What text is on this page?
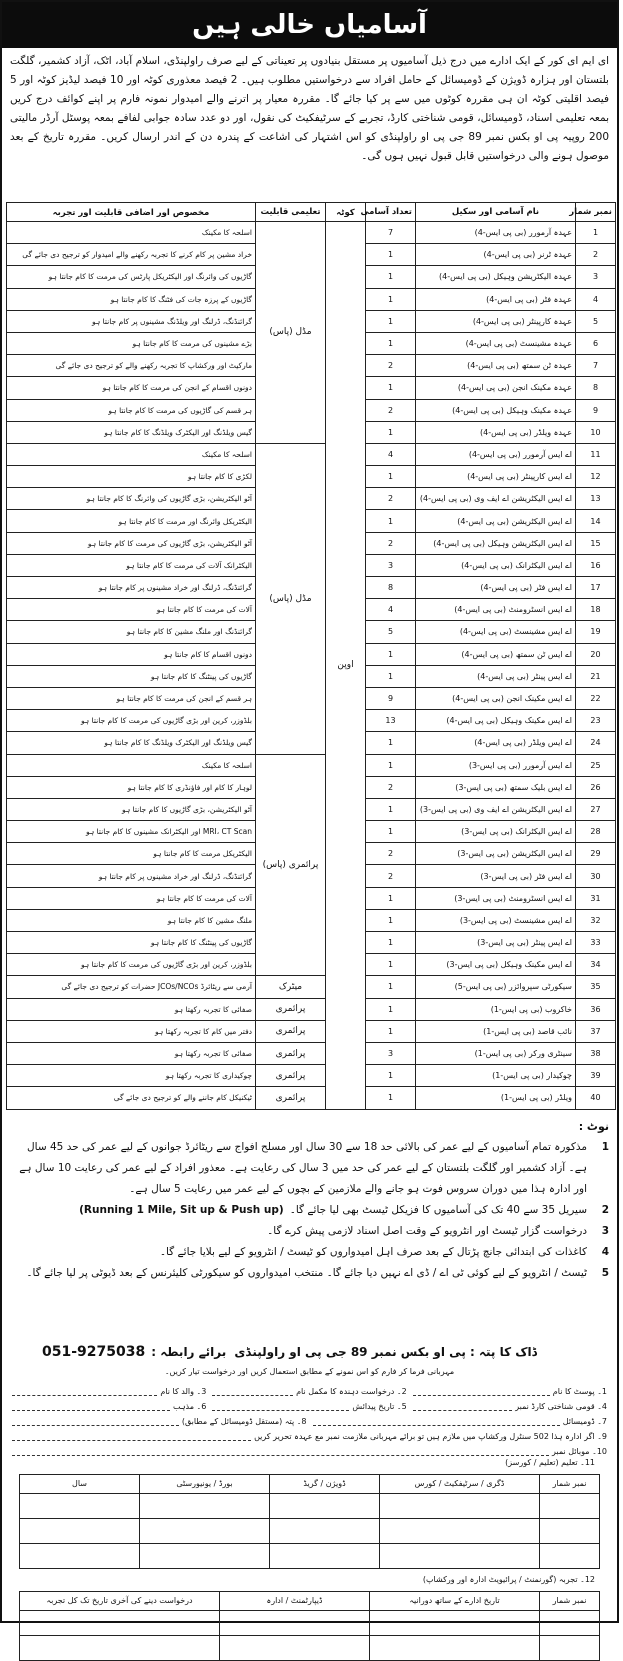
آسامیاں خالی ہیں
ای ایم ای کور کے ایک ادارے میں درج ذیل آسامیوں پر مستقل بنیادوں پر تعیناتی کے لیے صرف راولپنڈی، اسلام آباد، اٹک، آزاد کشمیر، گلگت بلتستان اور ہزارہ ڈویژن کے ڈومیسائل کے حامل افراد سے درخواستیں مطلوب ہیں۔ 2 فیصد معذوری کوٹہ اور 10 فیصد لیڈیز کوٹہ اور 5 فیصد اقلیتی کوٹہ ان ہی مقررہ کوٹوں میں سے پر کیا جائے گا۔ مقررہ معیار پر اترنے والے امیدوار نمونہ فارم پر اپنے کوائف درج کریں بمعہ تعلیمی اسناد، ڈومیسائل، قومی شناختی کارڈ، تجربے کے سرٹیفکیٹ کی نقول، اور دو عدد سادہ جوابی لفافے بمعہ پوسٹل آرڈر مالیتی 200 روپیہ پی او بکس نمبر 89 جی پی او راولپنڈی کو اس اشتہار کی اشاعت کے پندرہ دن کے اندر ارسال کریں۔ مقررہ تاریخ کے بعد موصول ہونے والی درخواستیں قابل قبول نہیں ہوں گی۔
نمبر شمار	نام آسامی اور سکیل	تعداد آسامی	کوٹہ	تعلیمی قابلیت	مخصوص اور اضافی قابلیت اور تجربہ
1	عہدہ آرمورر (بی پی ایس-4)	7	اوپن	مڈل (پاس)	اسلحہ کا مکینک
2	عہدہ ٹرنر (بی پی ایس-4)	1			خراد مشین پر کام کرنے کا تجربہ رکھنے والے امیدوار کو ترجیح دی جائے گی
3	عہدہ الیکٹریشن وہیکل (بی پی ایس-4)	1			گاڑیوں کی وائرنگ اور الیکٹریکل پارٹس کی مرمت کا کام جانتا ہو
4	عہدہ فٹر (بی پی ایس-4)	1			گاڑیوں کے پرزہ جات کی فٹنگ کا کام جانتا ہو
5	عہدہ کارپینٹر (بی پی ایس-4)	1			گرائنڈنگ، ڈرلنگ اور ویلڈنگ مشینوں پر کام جانتا ہو
6	عہدہ مشینسٹ (بی پی ایس-4)	1			بڑے مشینوں کی مرمت کا کام جانتا ہو
7	عہدہ ٹن سمتھ (بی پی ایس-4)	2			مارکیٹ اور ورکشاپ کا تجربہ رکھنے والے کو ترجیح دی جائے گی
8	عہدہ مکینک انجن (بی پی ایس-4)	1			دونوں اقسام کے انجن کی مرمت کا کام جانتا ہو
9	عہدہ مکینک وہیکل (بی پی ایس-4)	2			ہر قسم کی گاڑیوں کی مرمت کا کام جانتا ہو
10	عہدہ ویلڈر (بی پی ایس-4)	1			گیس ویلڈنگ اور الیکٹرک ویلڈنگ کا کام جانتا ہو
11	اے ایس آرمورر (بی پی ایس-4)	4		مڈل (پاس)	اسلحہ کا مکینک
12	اے ایس کارپینٹر (بی پی ایس-4)	1			لکڑی کا کام جانتا ہو
13	اے ایس الیکٹریشن اے ایف وی (بی پی ایس-4)	2			آٹو الیکٹریشن، بڑی گاڑیوں کی وائرنگ کا کام جانتا ہو
14	اے ایس الیکٹریشن (بی پی ایس-4)	1			الیکٹریکل وائرنگ اور مرمت کا کام جانتا ہو
15	اے ایس الیکٹریشن وہیکل (بی پی ایس-4)	2			آٹو الیکٹریشن، بڑی گاڑیوں کی مرمت کا کام جانتا ہو
16	اے ایس الیکٹرانک (بی پی ایس-4)	3			الیکٹرانک آلات کی مرمت کا کام جانتا ہو
17	اے ایس فٹر (بی پی ایس-4)	8			گرائنڈنگ، ڈرلنگ اور خراد مشینوں پر کام جانتا ہو
18	اے ایس انسٹرومنٹ (بی پی ایس-4)	4			آلات کی مرمت کا کام جانتا ہو
19	اے ایس مشینسٹ (بی پی ایس-4)	5			گرائنڈنگ اور ملنگ مشین کا کام جانتا ہو
20	اے ایس ٹن سمتھ (بی پی ایس-4)	1			دونوں اقسام کا کام جانتا ہو
21	اے ایس پینٹر (بی پی ایس-4)	1			گاڑیوں کی پینٹنگ کا کام جانتا ہو
22	اے ایس مکینک انجن (بی پی ایس-4)	9			ہر قسم کے انجن کی مرمت کا کام جانتا ہو
23	اے ایس مکینک وہیکل (بی پی ایس-4)	13			بلڈوزر، کرین اور بڑی گاڑیوں کی مرمت کا کام جانتا ہو
24	اے ایس ویلڈر (بی پی ایس-4)	1			گیس ویلڈنگ اور الیکٹرک ویلڈنگ کا کام جانتا ہو
25	اے ایس آرمورر (بی پی ایس-3)	1		پرائمری (پاس)	اسلحہ کا مکینک
26	اے ایس بلیک سمتھ (بی پی ایس-3)	2			لوہار کا کام اور فاؤنڈری کا کام جانتا ہو
27	اے ایس الیکٹریشن اے ایف وی (بی پی ایس-3)	1			آٹو الیکٹریشن، بڑی گاڑیوں کا کام جانتا ہو
28	اے ایس الیکٹرانک (بی پی ایس-3)	1			MRI، CT Scan اور الیکٹرانک مشینوں کا کام جانتا ہو
29	اے ایس الیکٹریشن (بی پی ایس-3)	2			الیکٹریکل مرمت کا کام جانتا ہو
30	اے ایس فٹر (بی پی ایس-3)	2			گرائنڈنگ، ڈرلنگ اور خراد مشینوں پر کام جانتا ہو
31	اے ایس انسٹرومنٹ (بی پی ایس-3)	1			آلات کی مرمت کا کام جانتا ہو
32	اے ایس مشینسٹ (بی پی ایس-3)	1			ملنگ مشین کا کام جانتا ہو
33	اے ایس پینٹر (بی پی ایس-3)	1			گاڑیوں کی پینٹنگ کا کام جانتا ہو
34	اے ایس مکینک وہیکل (بی پی ایس-3)	1			بلڈوزر، کرین اور بڑی گاڑیوں کی مرمت کا کام جانتا ہو
35	سیکورٹی سپروائزر (بی پی ایس-5)	1		میٹرک	آرمی سے ریٹائرڈ JCOs/NCOs حضرات کو ترجیح دی جائے گی
36	خاکروب (بی پی ایس-1)	1		پرائمری	صفائی کا تجربہ رکھتا ہو
37	نائب قاصد (بی پی ایس-1)	1		پرائمری	دفتر میں کام کا تجربہ رکھتا ہو
38	سینٹری ورکر (بی پی ایس-1)	3		پرائمری	صفائی کا تجربہ رکھتا ہو
39	چوکیدار (بی پی ایس-1)	1		پرائمری	چوکیداری کا تجربہ رکھتا ہو
40	ویلڈر (بی پی ایس-1)	1		پرائمری	ٹیکنیکل کام جاننے والے کو ترجیح دی جائے گی
نوٹ :
1
مذکورہ تمام آسامیوں کے لیے عمر کی بالائی حد 18 سے 30 سال اور مسلح افواج سے ریٹائرڈ جوانوں کے لیے عمر کی حد 45 سال ہے۔ آزاد کشمیر اور گلگت بلتستان کے لیے عمر کی حد میں 3 سال کی رعایت ہے۔ معذور افراد کے لیے عمر کی رعایت 10 سال ہے اور ادارہ ہذا میں دوران سروس فوت ہو جانے والے ملازمین کے بچوں کے لیے عمر میں رعایت 5 سال ہے۔
2
سیریل 35 سے 40 تک کی آسامیوں کا فزیکل ٹیسٹ بھی لیا جائے گا۔
(Running 1 Mile, Sit up & Push up)
3
درخواست گزار ٹیسٹ اور انٹرویو کے وقت اصل اسناد لازمی پیش کرے گا۔
4
کاغذات کی ابتدائی جانچ پڑتال کے بعد صرف اہل امیدواروں کو ٹیسٹ / انٹرویو کے لیے بلایا جائے گا۔
5
ٹیسٹ / انٹرویو کے لیے کوئی ٹی اے / ڈی اے نہیں دیا جائے گا۔ منتخب امیدواروں کو سیکورٹی کلیئرنس کے بعد ڈیوٹی پر لیا جائے گا۔
ڈاک کا پتہ : پی او بکس نمبر 89 جی پی او راولپنڈی
برائے رابطہ :
051-9275038
مہربانی فرما کر فارم کو اس نمونے کے مطابق استعمال کریں اور درخواست تیار کریں۔
1۔ پوسٹ کا نام
2۔ درخواست دہندہ کا مکمل نام
3۔ والد کا نام
4۔ قومی شناختی کارڈ نمبر
5۔ تاریخ پیدائش
6۔ مذہب
7۔ ڈومیسائل
8۔ پتہ (مستقل ڈومیسائل کے مطابق)
9۔ اگر ادارہ ہذا 502 سنٹرل ورکشاپ میں ملازم ہیں تو برائے مہربانی ملازمت نمبر مع عہدہ تحریر کریں
10۔ موبائل نمبر
11۔ تعلیم (تعلیم / کورسز)
نمبر شمار	ڈگری / سرٹیفکیٹ / کورس	ڈویژن / گریڈ	بورڈ / یونیورسٹی	سال

12۔ تجربہ (گورنمنٹ / پرائیویٹ ادارہ اور ورکشاپ)
نمبر شمار	تاریخ ادارے کے ساتھ دورانیہ	ڈیپارٹمنٹ / ادارہ	درخواست دینے کی آخری تاریخ تک کل تجربہ
